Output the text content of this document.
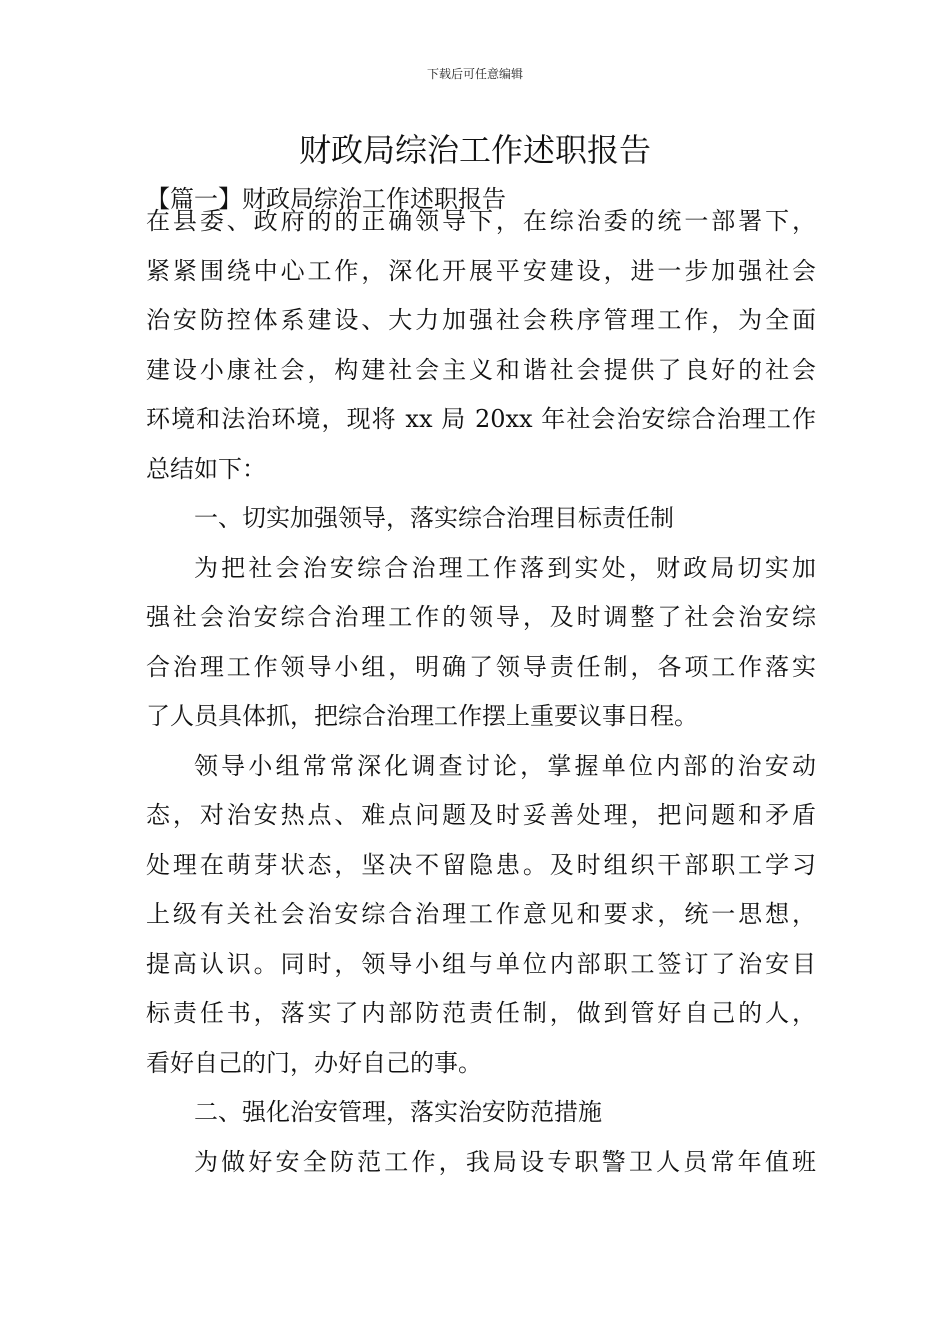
下载后可任意编辑
财政局综治工作述职报告
【篇一】财政局综治工作述职报告
在县委、政府的的正确领导下，在综治委的统一部署下，
紧紧围绕中心工作，深化开展平安建设，进一步加强社会
治安防控体系建设、大力加强社会秩序管理工作，为全面
建设小康社会，构建社会主义和谐社会提供了良好的社会
环境和法治环境，现将 xx 局 20xx 年社会治安综合治理工作
总结如下：
一、切实加强领导，落实综合治理目标责任制
为把社会治安综合治理工作落到实处，财政局切实加
强社会治安综合治理工作的领导，及时调整了社会治安综
合治理工作领导小组，明确了领导责任制，各项工作落实
了人员具体抓，把综合治理工作摆上重要议事日程。
领导小组常常深化调查讨论，掌握单位内部的治安动
态，对治安热点、难点问题及时妥善处理，把问题和矛盾
处理在萌芽状态，坚决不留隐患。及时组织干部职工学习
上级有关社会治安综合治理工作意见和要求，统一思想，
提高认识。同时，领导小组与单位内部职工签订了治安目
标责任书，落实了内部防范责任制，做到管好自己的人，
看好自己的门，办好自己的事。
二、强化治安管理，落实治安防范措施
为做好安全防范工作，我局设专职警卫人员常年值班
